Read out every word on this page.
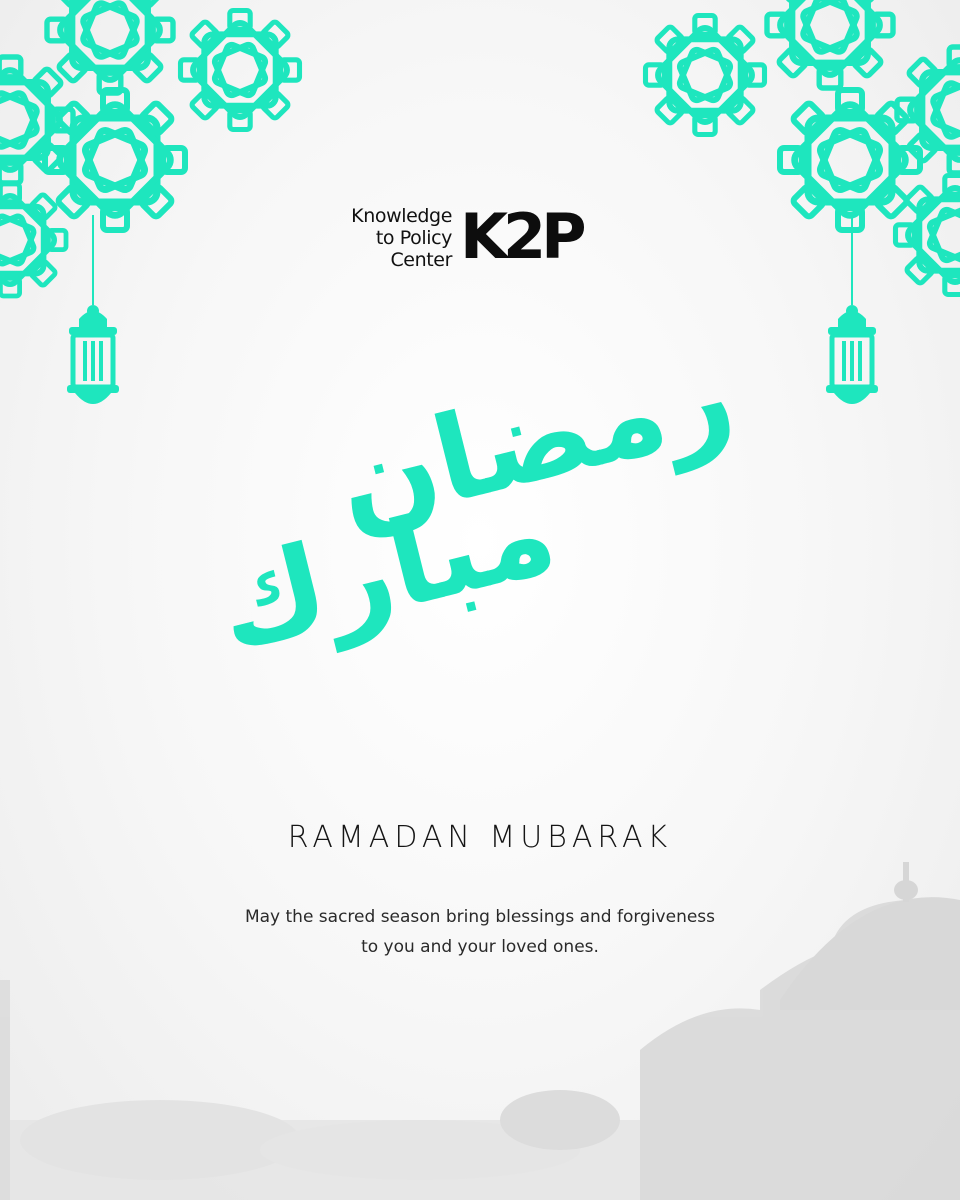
Knowledge
to Policy
Center K2P
رمضان
مبارك
RAMADAN MUBARAK
May the sacred season bring blessings and forgiveness
to you and your loved ones.
